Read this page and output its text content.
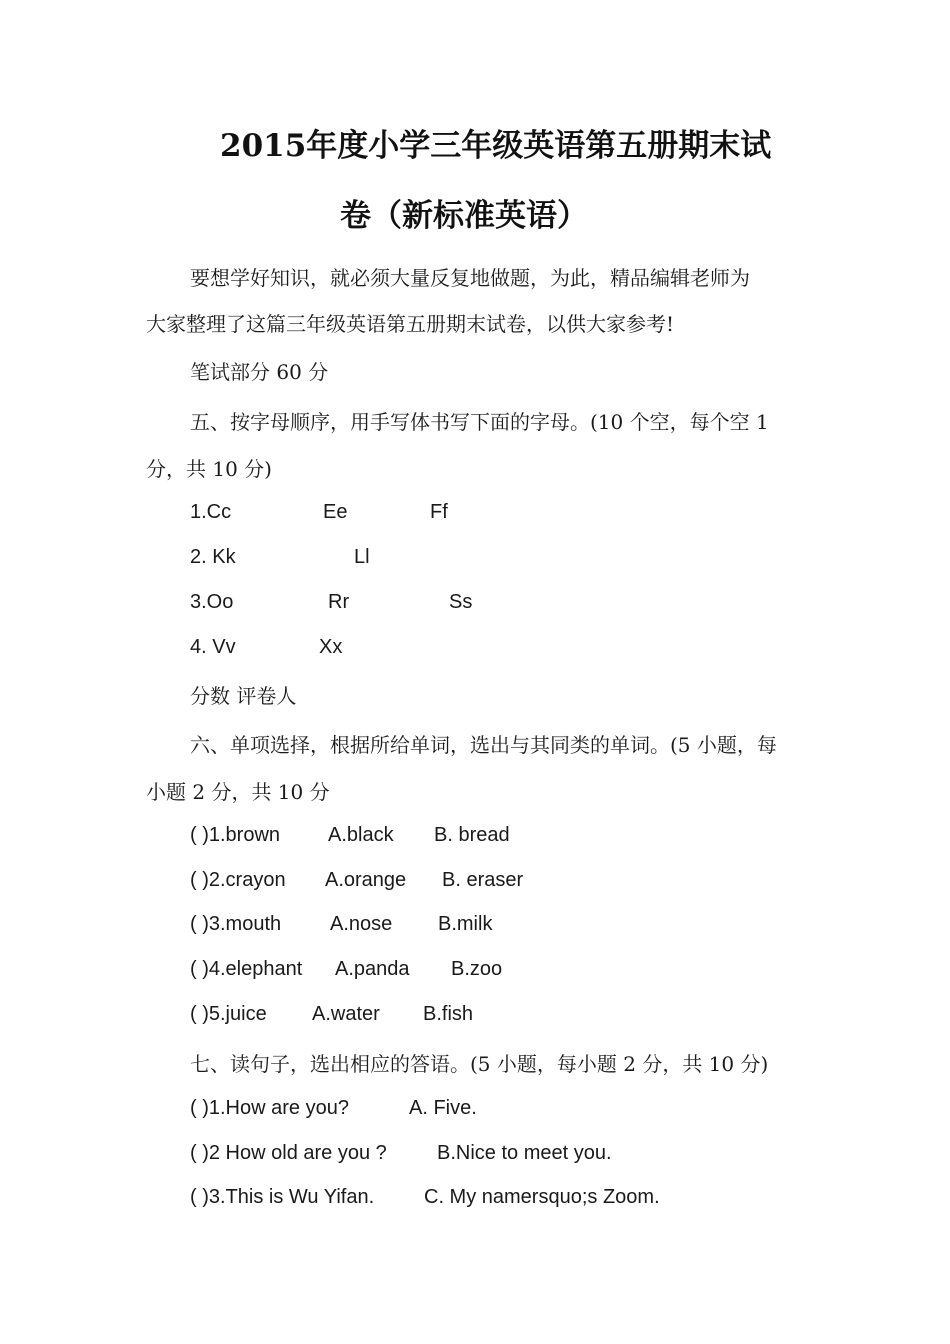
2015年度小学三年级英语第五册期末试
卷（新标准英语）
要想学好知识，就必须大量反复地做题，为此，精品编辑老师为
大家整理了这篇三年级英语第五册期末试卷，以供大家参考!
笔试部分 60 分
五、按字母顺序，用手写体书写下面的字母。(10 个空，每个空 1
分，共 10 分)
1.Cc	Ee	Ff
2. Kk	Ll
3.Oo	Rr	Ss
4. Vv	Xx
分数 评卷人
六、单项选择，根据所给单词，选出与其同类的单词。(5 小题，每
小题 2 分，共 10 分
( )1.brown A.black B. bread
( )2.crayon A.orange B. eraser
( )3.mouth A.nose B.milk
( )4.elephant A.panda B.zoo
( )5.juice A.water B.fish
七、读句子，选出相应的答语。(5 小题，每小题 2 分，共 10 分)
( )1.How are you?	A. Five.
( )2 How old are you ?	B.Nice to meet you.
( )3.This is Wu Yifan. C. My namersquo;s Zoom.
